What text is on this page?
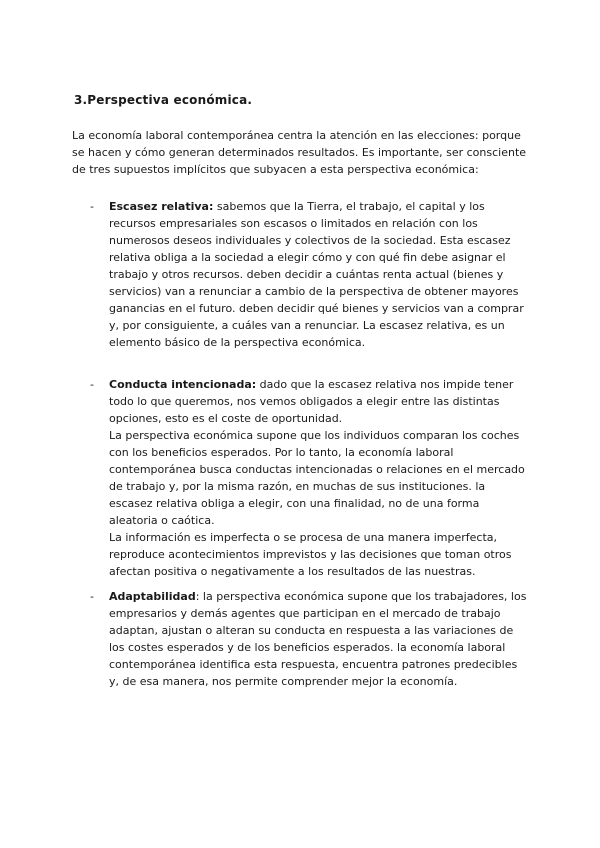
3.Perspectiva económica.

La economía laboral contemporánea centra la atención en las elecciones: porque se hacen y cómo generan determinados resultados. Es importante, ser consciente de tres supuestos implícitos que subyacen a esta perspectiva económica:

-	Escasez relativa: sabemos que la Tierra, el trabajo, el capital y los recursos empresariales son escasos o limitados en relación con los numerosos deseos individuales y colectivos de la sociedad. Esta escasez relativa obliga a la sociedad a elegir cómo y con qué fin debe asignar el trabajo y otros recursos. deben decidir a cuántas renta actual (bienes y servicios) van a renunciar a cambio de la perspectiva de obtener mayores ganancias en el futuro. deben decidir qué bienes y servicios van a comprar y, por consiguiente, a cuáles van a renunciar. La escasez relativa, es un elemento básico de la perspectiva económica.

-	Conducta intencionada: dado que la escasez relativa nos impide tener todo lo que queremos, nos vemos obligados a elegir entre las distintas opciones, esto es el coste de oportunidad.

La perspectiva económica supone que los individuos comparan los coches con los beneficios esperados. Por lo tanto, la economía laboral contemporánea busca conductas intencionadas o relaciones en el mercado de trabajo y, por la misma razón, en muchas de sus instituciones. la escasez relativa obliga a elegir, con una finalidad, no de una forma aleatoria o caótica.

La información es imperfecta o se procesa de una manera imperfecta, reproduce acontecimientos imprevistos y las decisiones que toman otros afectan positiva o negativamente a los resultados de las nuestras.

-	Adaptabilidad: la perspectiva económica supone que los trabajadores, los empresarios y demás agentes que participan en el mercado de trabajo adaptan, ajustan o alteran su conducta en respuesta a las variaciones de los costes esperados y de los beneficios esperados. la economía laboral contemporánea identifica esta respuesta, encuentra patrones predecibles y, de esa manera, nos permite comprender mejor la economía.
